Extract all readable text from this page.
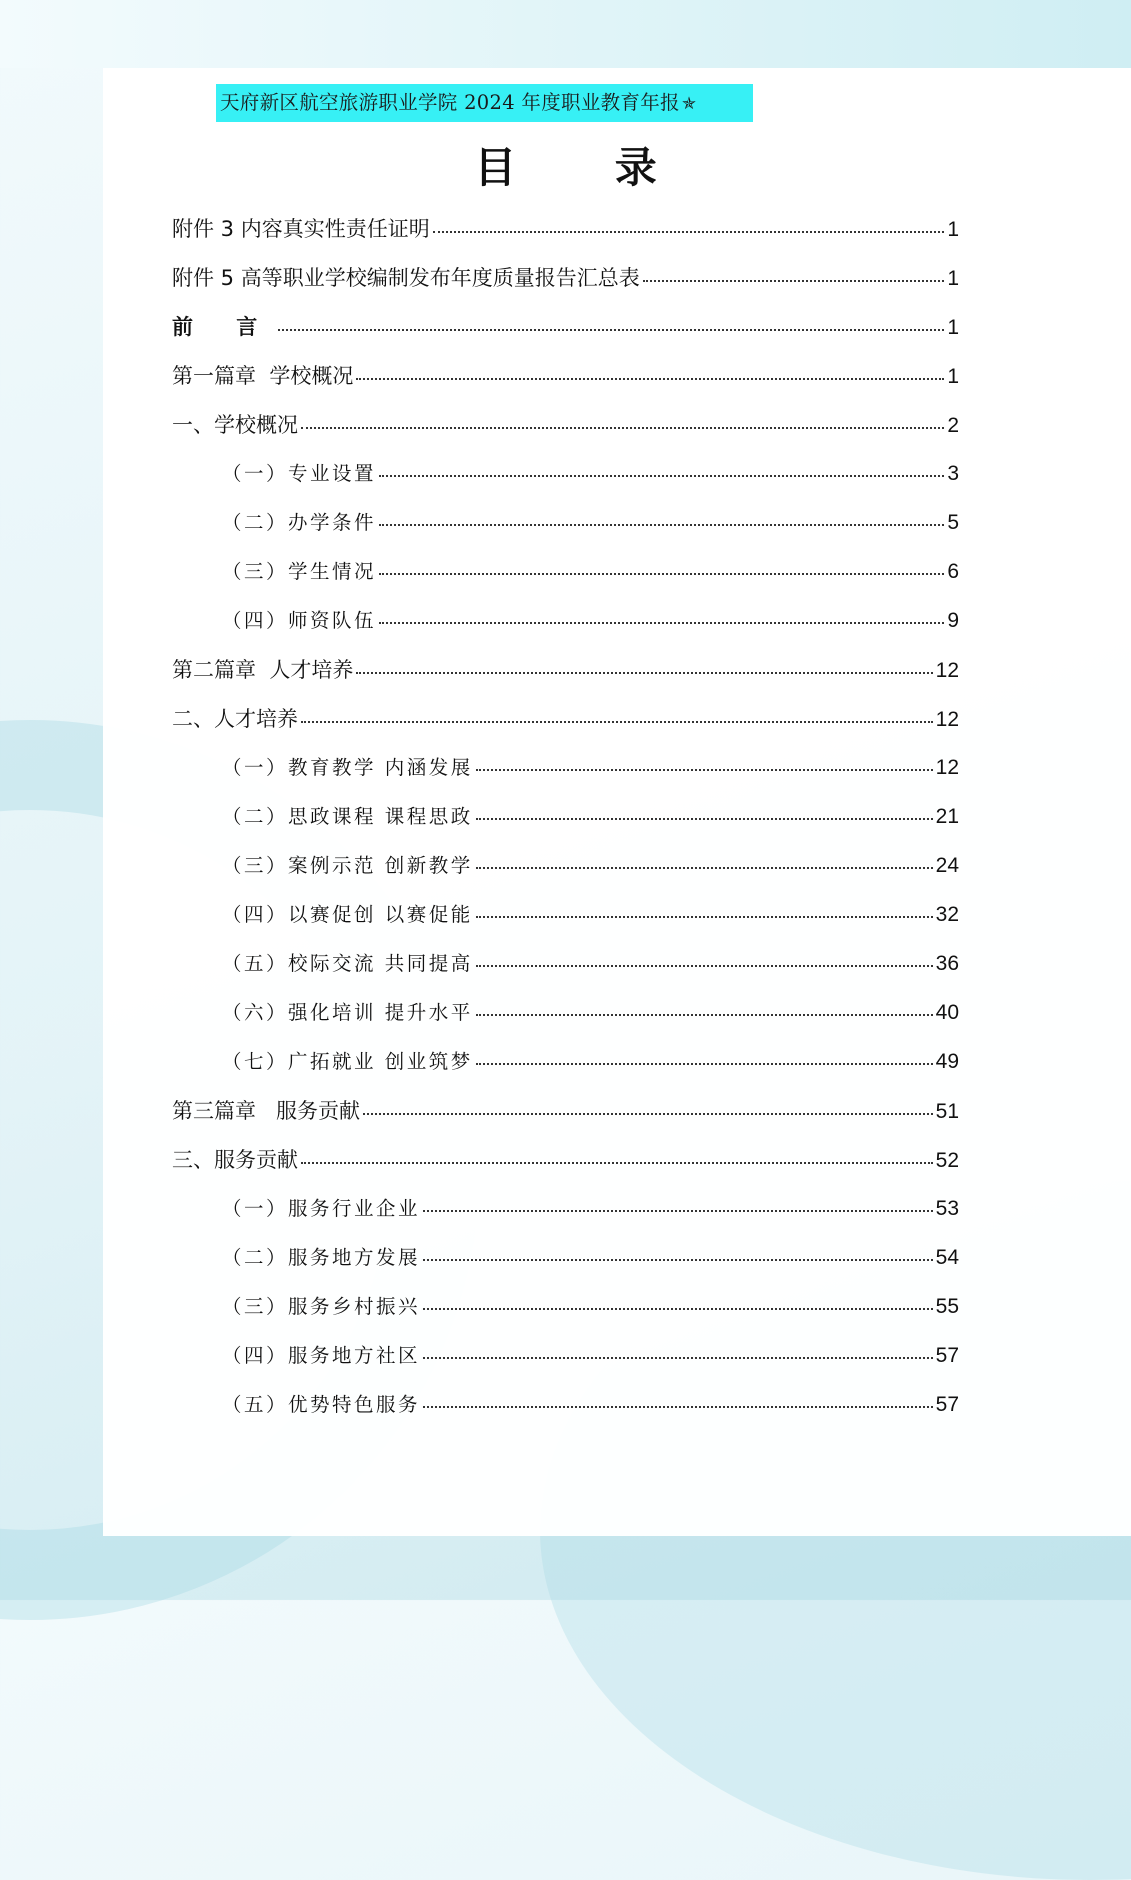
天府新区航空旅游职业学院 2024 年度职业教育年报 ✯
目 录
附件 3 内容真实性责任证明	1
附件 5 高等职业学校编制发布年度质量报告汇总表	1
前 言	1
第一篇章  学校概况	1
一、学校概况	2
（一）专业设置	3
（二）办学条件	5
（三）学生情况	6
（四）师资队伍	9
第二篇章  人才培养	12
二、人才培养	12
（一）教育教学 内涵发展	12
（二）思政课程 课程思政	21
（三）案例示范 创新教学	24
（四）以赛促创 以赛促能	32
（五）校际交流 共同提高	36
（六）强化培训 提升水平	40
（七）广拓就业 创业筑梦	49
第三篇章   服务贡献	51
三、服务贡献	52
（一）服务行业企业	53
（二）服务地方发展	54
（三）服务乡村振兴	55
（四）服务地方社区	57
（五）优势特色服务	57
